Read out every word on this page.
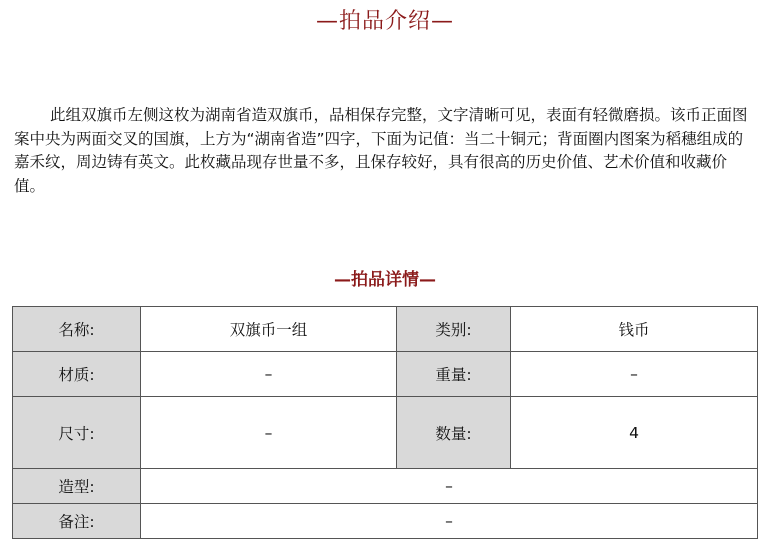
—拍品介绍—

此组双旗币左侧这枚为湖南省造双旗币，品相保存完整，文字清晰可见，表面有轻微磨损。该币正面图案中央为两面交叉的国旗，上方为“湖南省造”四字，下面为记值：当二十铜元；背面圈内图案为稻穗组成的嘉禾纹，周边铸有英文。此枚藏品现存世量不多，且保存较好，具有很高的历史价值、艺术价值和收藏价值。

—拍品详情—
名称:	双旗币一组	类别:	钱币
材质:	–	重量:	–
尺寸:	–	数量:	4
造型:	–		
备注:	–		
